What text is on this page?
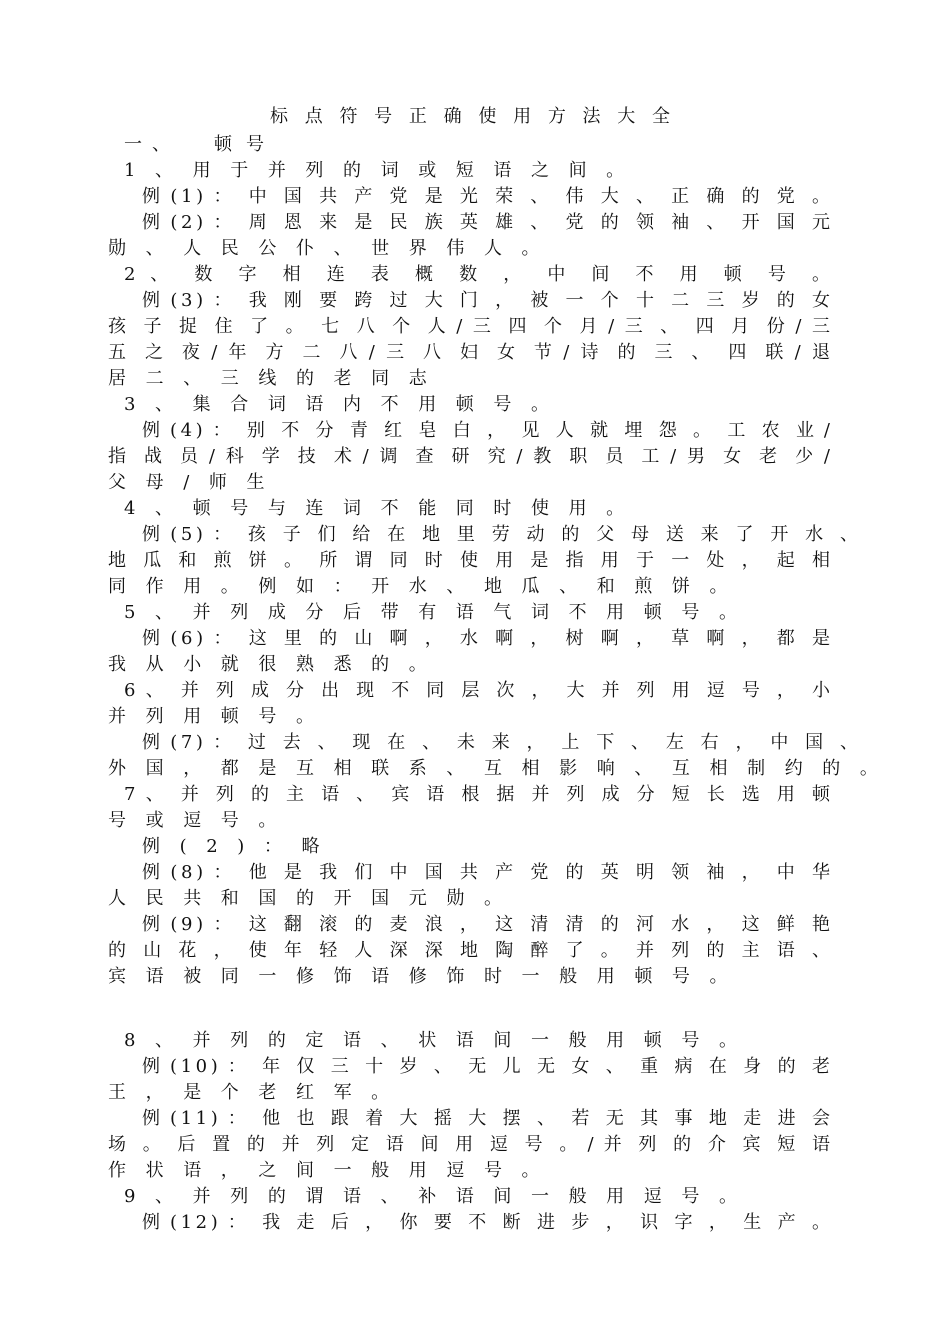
标 点 符 号 正 确 使 用 方 法 大 全
一、 顿号
1 、 用 于 并 列 的 词 或 短 语 之 间 。
例 ( 1 ) ： 中 国 共 产 党 是 光 荣 、 伟 大 、 正 确 的 党 。
例 ( 2 ) ： 周 恩 来 是 民 族 英 雄 、 党 的 领 袖 、 开 国 元
勋 、 人 民 公 仆 、 世 界 伟 人 。
2 、 数 字 相 连 表 概 数 ， 中 间 不 用 顿 号 。
例 ( 3 ) ： 我 刚 要 跨 过 大 门 ， 被 一 个 十 二 三 岁 的 女
孩 子 捉 住 了 。 七 八 个 人 / 三 四 个 月 / 三 、 四 月 份 / 三
五 之 夜 / 年 方 二 八 / 三 八 妇 女 节 / 诗 的 三 、 四 联 / 退
居 二 、 三 线 的 老 同 志
3 、 集 合 词 语 内 不 用 顿 号 。
例 ( 4 ) ： 别 不 分 青 红 皂 白 ， 见 人 就 埋 怨 。 工 农 业 /
指 战 员 / 科 学 技 术 / 调 查 研 究 / 教 职 员 工 / 男 女 老 少 /
父 母 / 师 生
4 、 顿 号 与 连 词 不 能 同 时 使 用 。
例 ( 5 ) ： 孩 子 们 给 在 地 里 劳 动 的 父 母 送 来 了 开 水 、
地 瓜 和 煎 饼 。 所 谓 同 时 使 用 是 指 用 于 一 处 ， 起 相
同 作 用 。 例 如 ： 开 水 、 地 瓜 、 和 煎 饼 。
5 、 并 列 成 分 后 带 有 语 气 词 不 用 顿 号 。
例 ( 6 ) ： 这 里 的 山 啊 ， 水 啊 ， 树 啊 ， 草 啊 ， 都 是
我 从 小 就 很 熟 悉 的 。
6 、 并 列 成 分 出 现 不 同 层 次 ， 大 并 列 用 逗 号 ， 小
并 列 用 顿 号 。
例 ( 7 ) ： 过 去 、 现 在 、 未 来 ， 上 下 、 左 右 ， 中 国 、
外 国 ， 都 是 互 相 联 系 、 互 相 影 响 、 互 相 制 约 的 。
7 、 并 列 的 主 语 、 宾 语 根 据 并 列 成 分 短 长 选 用 顿
号 或 逗 号 。
例 ( 2 ) ： 略
例 ( 8 ) ： 他 是 我 们 中 国 共 产 党 的 英 明 领 袖 ， 中 华
人 民 共 和 国 的 开 国 元 勋 。
例 ( 9 ) ： 这 翻 滚 的 麦 浪 ， 这 清 清 的 河 水 ， 这 鲜 艳
的 山 花 ， 使 年 轻 人 深 深 地 陶 醉 了 。 并 列 的 主 语 、
宾 语 被 同 一 修 饰 语 修 饰 时 一 般 用 顿 号 。
8 、 并 列 的 定 语 、 状 语 间 一 般 用 顿 号 。
例 ( 1 0 ) ： 年 仅 三 十 岁 、 无 儿 无 女 、 重 病 在 身 的 老
王 ， 是 个 老 红 军 。
例 ( 1 1 ) ： 他 也 跟 着 大 摇 大 摆 、 若 无 其 事 地 走 进 会
场 。 后 置 的 并 列 定 语 间 用 逗 号 。 / 并 列 的 介 宾 短 语
作 状 语 ， 之 间 一 般 用 逗 号 。
9 、 并 列 的 谓 语 、 补 语 间 一 般 用 逗 号 。
例 ( 1 2 ) ： 我 走 后 ， 你 要 不 断 进 步 ， 识 字 ， 生 产 。
